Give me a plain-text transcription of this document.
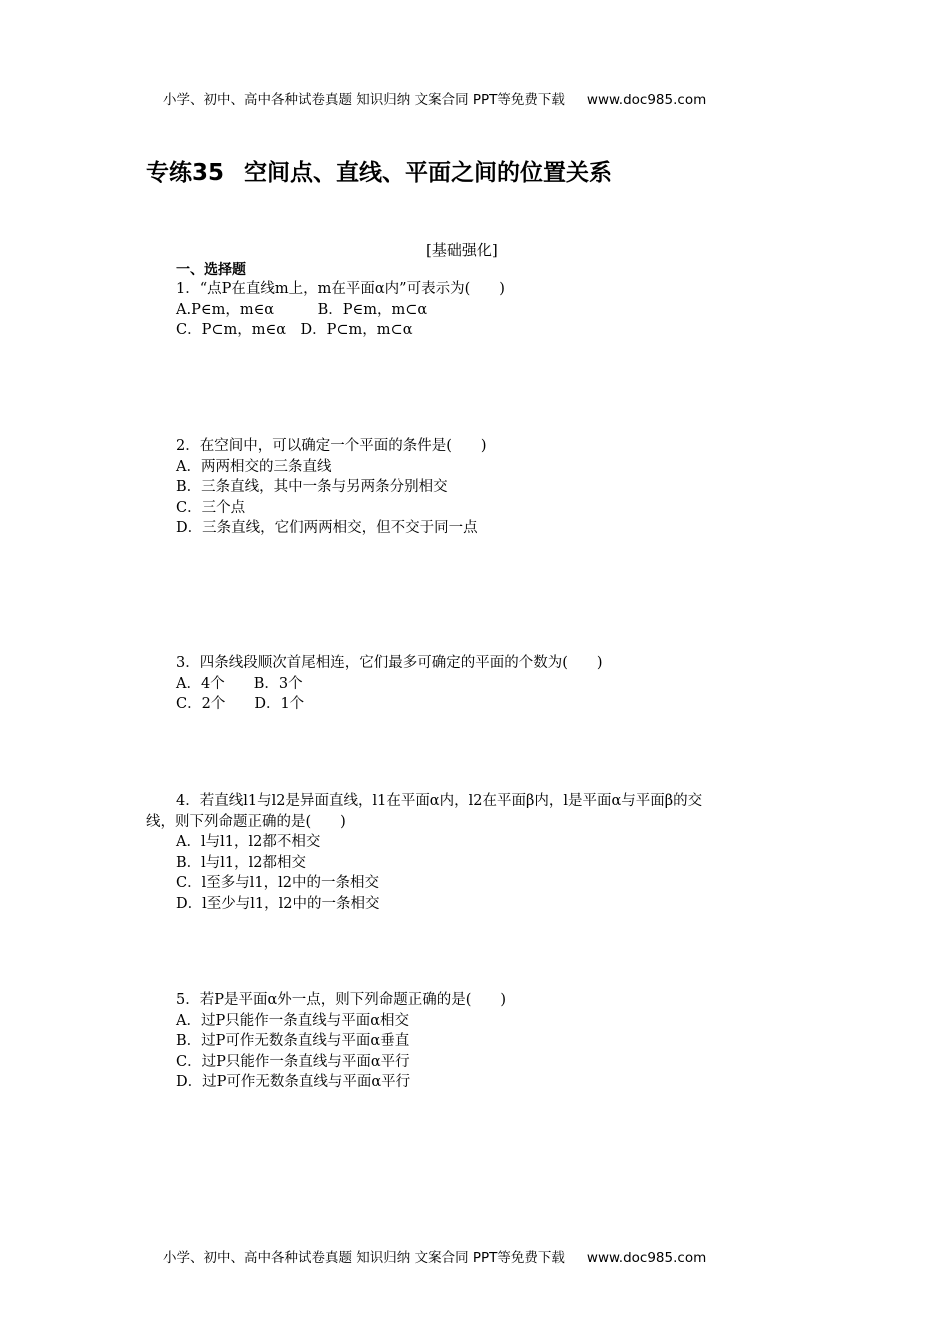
小学、初中、高中各种试卷真题 知识归纳 文案合同 PPT等免费下载 www.doc985.com
专练35 空间点、直线、平面之间的位置关系
[基础强化]
一、选择题
1．“点P在直线m上，m在平面α内”可表示为(　　)
A.P∈m，m∈α　　　B．P∈m，m⊂α
C．P⊂m，m∈α　D．P⊂m，m⊂α
2．在空间中，可以确定一个平面的条件是(　　)
A．两两相交的三条直线
B．三条直线，其中一条与另两条分别相交
C．三个点
D．三条直线，它们两两相交，但不交于同一点
3．四条线段顺次首尾相连，它们最多可确定的平面的个数为(　　)
A．4个　　B．3个
C．2个　　D．1个
4．若直线l1与l2是异面直线，l1在平面α内，l2在平面β内，l是平面α与平面β的交
线，则下列命题正确的是(　　)
A．l与l1，l2都不相交
B．l与l1，l2都相交
C．l至多与l1，l2中的一条相交
D．l至少与l1，l2中的一条相交
5．若P是平面α外一点，则下列命题正确的是(　　)
A．过P只能作一条直线与平面α相交
B．过P可作无数条直线与平面α垂直
C．过P只能作一条直线与平面α平行
D．过P可作无数条直线与平面α平行
小学、初中、高中各种试卷真题 知识归纳 文案合同 PPT等免费下载 www.doc985.com
